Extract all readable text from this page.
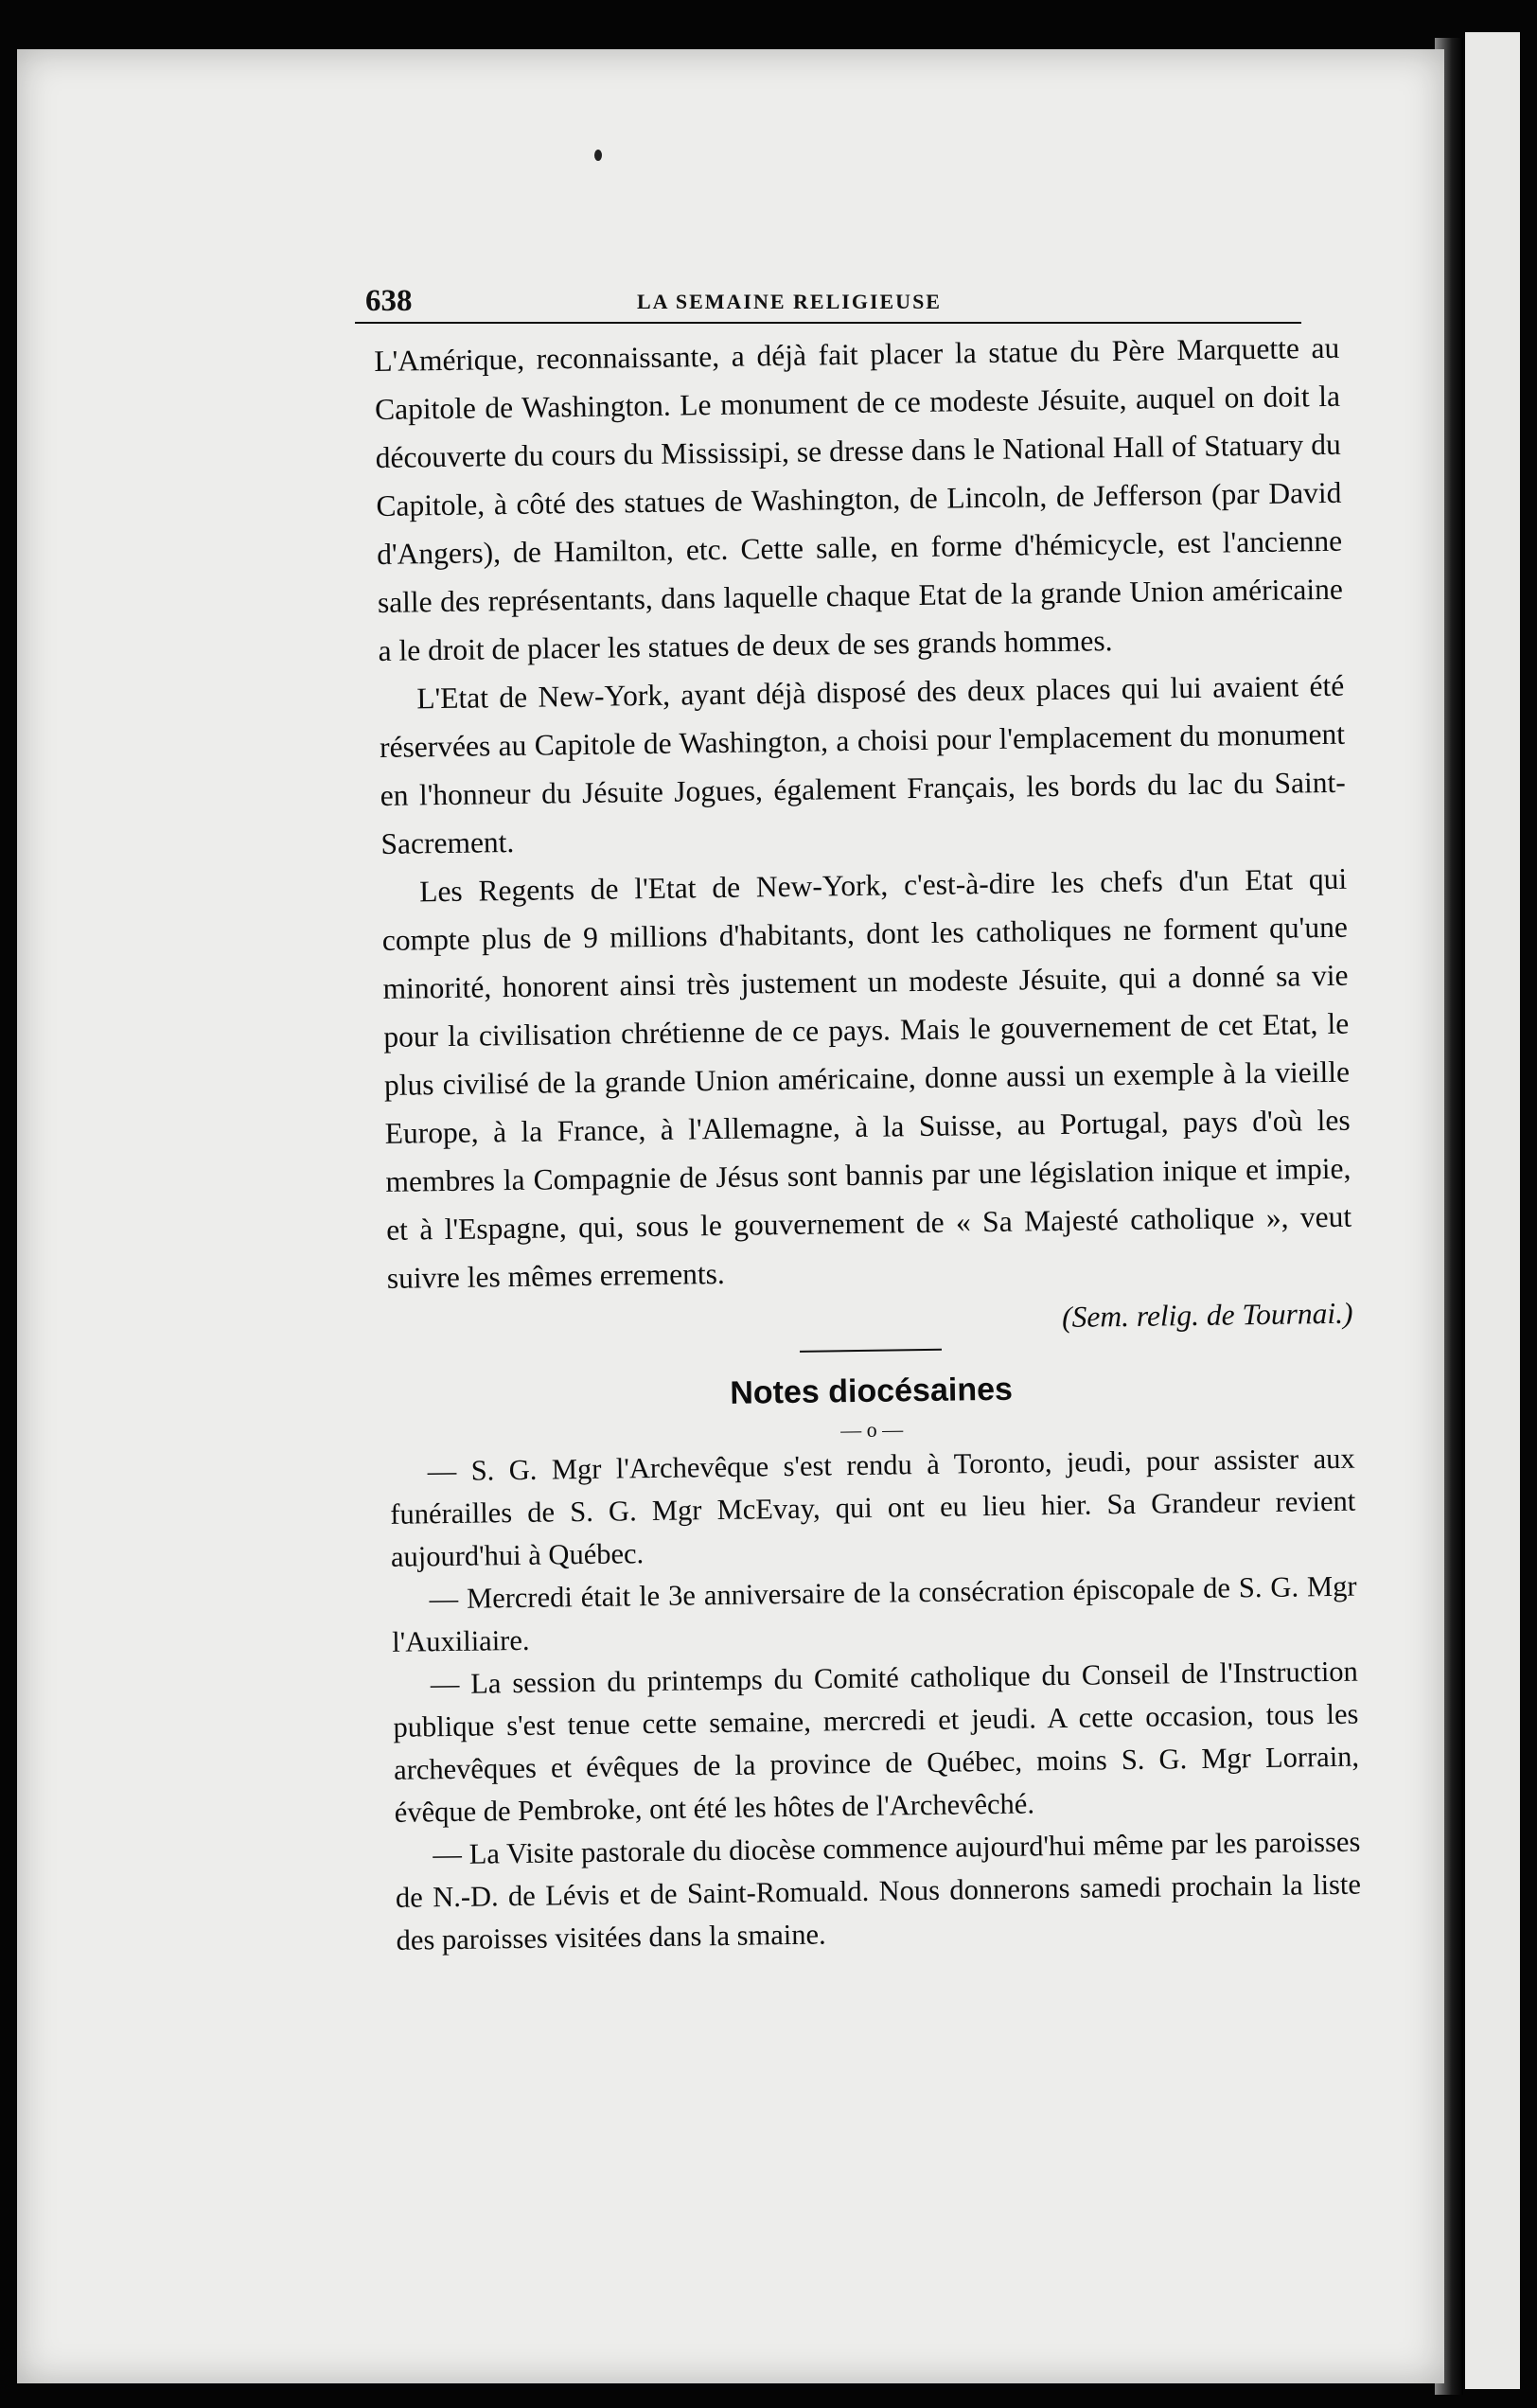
638	LA SEMAINE RELIGIEUSE

L'Amérique, reconnaissante, a déjà fait placer la statue du Père Marquette au Capitole de Washington. Le monument de ce modeste Jésuite, auquel on doit la découverte du cours du Mississipi, se dresse dans le National Hall of Statuary du Capitole, à côté des statues de Washington, de Lincoln, de Jefferson (par David d'Angers), de Hamilton, etc. Cette salle, en forme d'hémicycle, est l'ancienne salle des représentants, dans laquelle chaque Etat de la grande Union américaine a le droit de placer les statues de deux de ses grands hommes.

L'Etat de New-York, ayant déjà disposé des deux places qui lui avaient été réservées au Capitole de Washington, a choisi pour l'emplacement du monument en l'honneur du Jésuite Jogues, également Français, les bords du lac du Saint-Sacrement.

Les Regents de l'Etat de New-York, c'est-à-dire les chefs d'un Etat qui compte plus de 9 millions d'habitants, dont les catholiques ne forment qu'une minorité, honorent ainsi très justement un modeste Jésuite, qui a donné sa vie pour la civilisation chrétienne de ce pays. Mais le gouvernement de cet Etat, le plus civilisé de la grande Union américaine, donne aussi un exemple à la vieille Europe, à la France, à l'Allemagne, à la Suisse, au Portugal, pays d'où les membres la Compagnie de Jésus sont bannis par une législation inique et impie, et à l'Espagne, qui, sous le gouvernement de « Sa Majesté catholique », veut suivre les mêmes errements.

(Sem. relig. de Tournai.)

Notes diocésaines
— o —

— S. G. Mgr l'Archevêque s'est rendu à Toronto, jeudi, pour assister aux funérailles de S. G. Mgr McEvay, qui ont eu lieu hier. Sa Grandeur revient aujourd'hui à Québec.

— Mercredi était le 3e anniversaire de la consécration épiscopale de S. G. Mgr l'Auxiliaire.

— La session du printemps du Comité catholique du Conseil de l'Instruction publique s'est tenue cette semaine, mercredi et jeudi. A cette occasion, tous les archevêques et évêques de la province de Québec, moins S. G. Mgr Lorrain, évêque de Pembroke, ont été les hôtes de l'Archevêché.

— La Visite pastorale du diocèse commence aujourd'hui même par les paroisses de N.-D. de Lévis et de Saint-Romuald. Nous donnerons samedi prochain la liste des paroisses visitées dans la smaine.
